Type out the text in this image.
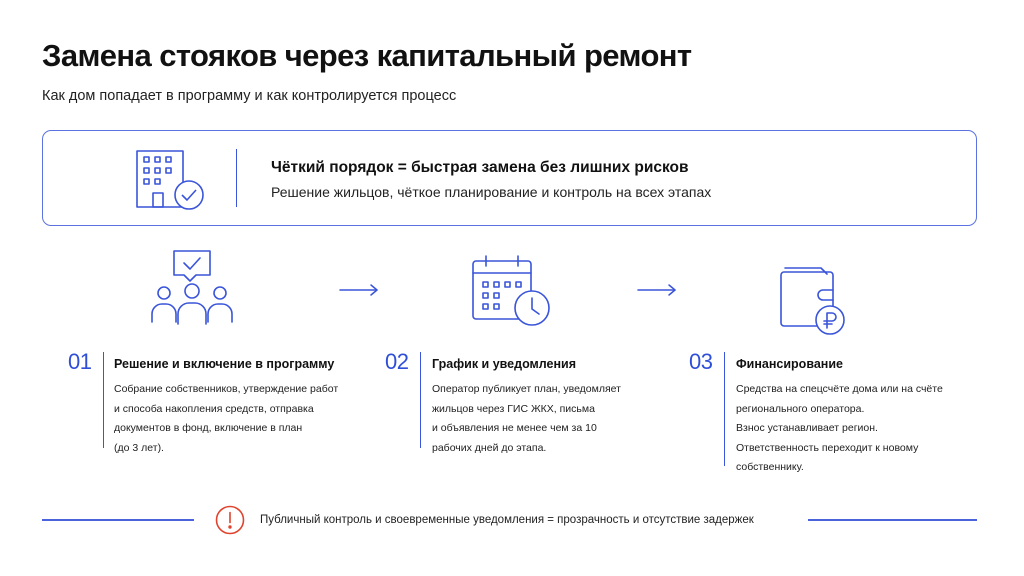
Замена стояков через капитальный ремонт
Как дом попадает в программу и как контролируется процесс
Чёткий порядок = быстрая замена без лишних рисков
Решение жильцов, чёткое планирование и контроль на всех этапах
01 Решение и включение в программу
Собрание собственников, утверждение работ
и способа накопления средств, отправка
документов в фонд, включение в план
(до 3 лет).
02 График и уведомления
Оператор публикует план, уведомляет
жильцов через ГИС ЖКХ, письма
и объявления не менее чем за 10
рабочих дней до этапа.
03 Финансирование
Средства на спецсчёте дома или на счёте
регионального оператора.
Взнос устанавливает регион.
Ответственность переходит к новому
собственнику.
Публичный контроль и своевременные уведомления = прозрачность и отсутствие задержек
